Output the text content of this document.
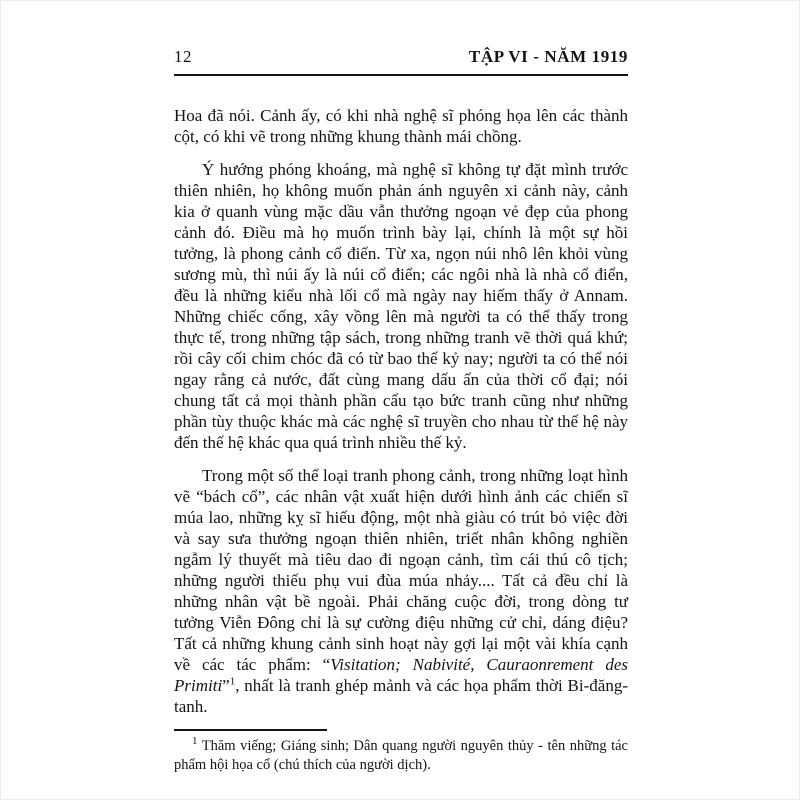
12	TẬP VI - NĂM 1919

Hoa đã nói. Cảnh ấy, có khi nhà nghệ sĩ phóng họa lên các thành cột, có khi vẽ trong những khung thành mái chồng.

Ý hướng phóng khoáng, mà nghệ sĩ không tự đặt mình trước thiên nhiên, họ không muốn phản ánh nguyên xi cảnh này, cảnh kia ở quanh vùng mặc dầu vẫn thưởng ngoạn vẻ đẹp của phong cảnh đó. Điều mà họ muốn trình bày lại, chính là một sự hồi tưởng, là phong cảnh cổ điển. Từ xa, ngọn núi nhô lên khỏi vùng sương mù, thì núi ấy là núi cổ điển; các ngôi nhà là nhà cổ điển, đều là những kiểu nhà lối cổ mà ngày nay hiếm thấy ở Annam. Những chiếc cống, xây vồng lên mà người ta có thể thấy trong thực tế, trong những tập sách, trong những tranh vẽ thời quá khứ; rồi cây cối chim chóc đã có từ bao thế kỷ nay; người ta có thể nói ngay rằng cả nước, đất cùng mang dấu ấn của thời cổ đại; nói chung tất cả mọi thành phần cấu tạo bức tranh cũng như những phần tùy thuộc khác mà các nghệ sĩ truyền cho nhau từ thế hệ này đến thế hệ khác qua quá trình nhiều thế kỷ.

Trong một số thể loại tranh phong cảnh, trong những loạt hình vẽ “bách cổ”, các nhân vật xuất hiện dưới hình ảnh các chiến sĩ múa lao, những kỵ sĩ hiếu động, một nhà giàu có trút bỏ việc đời và say sưa thưởng ngoạn thiên nhiên, triết nhân không nghiền ngẫm lý thuyết mà tiêu dao đi ngoạn cảnh, tìm cái thú cô tịch; những người thiếu phụ vui đùa múa nhảy.... Tất cả đều chỉ là những nhân vật bề ngoài. Phải chăng cuộc đời, trong dòng tư tưởng Viễn Đông chỉ là sự cường điệu những cử chỉ, dáng điệu? Tất cả những khung cảnh sinh hoạt này gợi lại một vài khía cạnh về các tác phẩm: “Visitation; Nabivité, Cauraonrement des Primiti”$^1$, nhất là tranh ghép mảnh và các họa phẩm thời Bi-đăng-tanh.

$^1$ Thăm viếng; Giáng sinh; Dân quang người nguyên thủy - tên những tác phẩm hội họa cổ (chú thích của người dịch).
